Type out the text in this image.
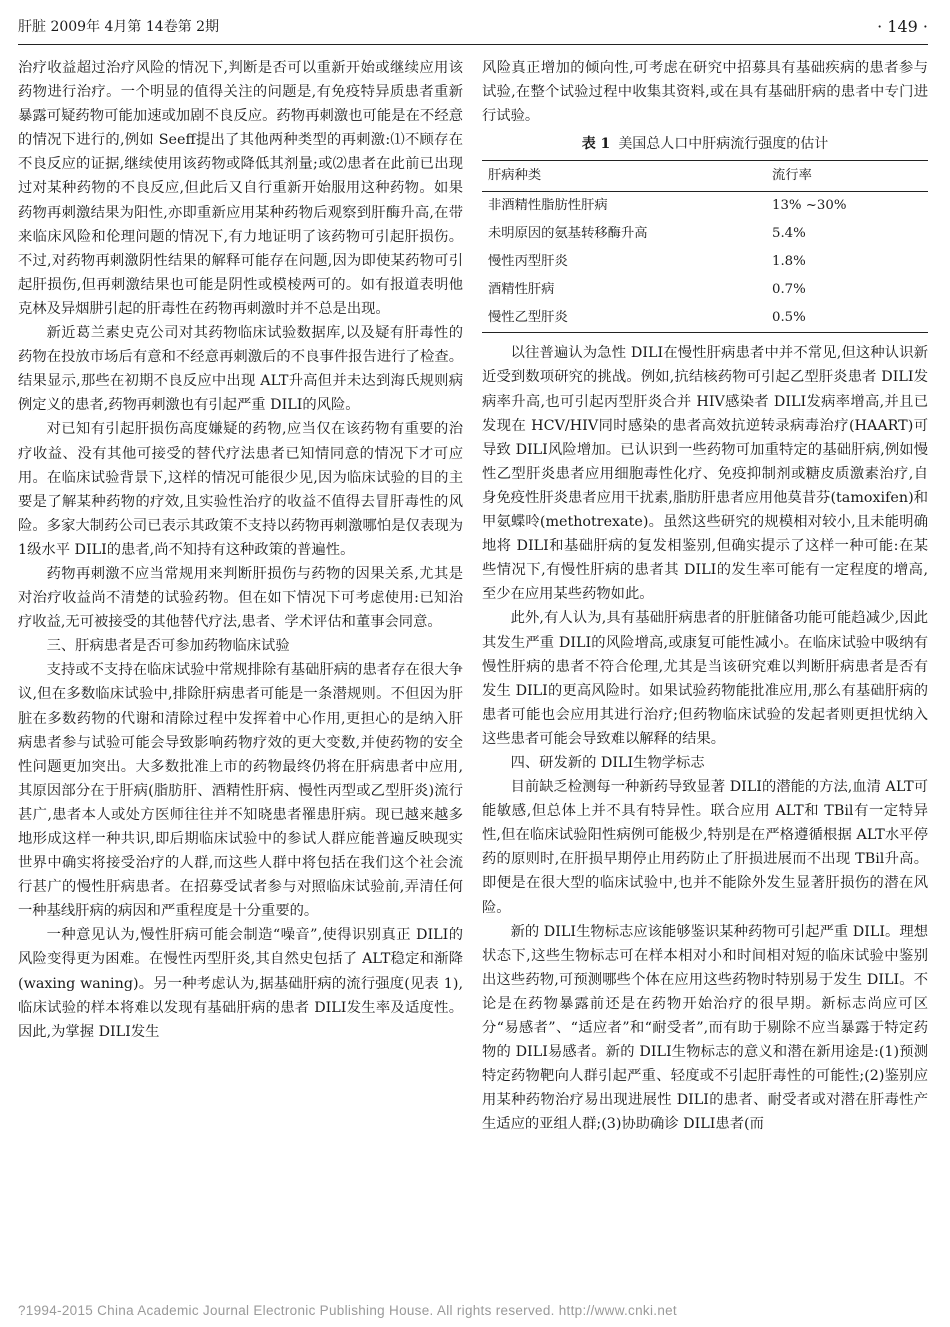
肝脏 2009年 4月第 14卷第 2期	· 149 ·

治疗收益超过治疗风险的情况下,判断是否可以重新开始或继续应用该药物进行治疗。一个明显的值得关注的问题是,有免疫特异质患者重新暴露可疑药物可能加速或加剧不良反应。药物再刺激也可能是在不经意的情况下进行的,例如 Seeff提出了其他两种类型的再刺激:⑴不顾存在不良反应的证据,继续使用该药物或降低其剂量;或⑵患者在此前已出现过对某种药物的不良反应,但此后又自行重新开始服用这种药物。如果药物再刺激结果为阳性,亦即重新应用某种药物后观察到肝酶升高,在带来临床风险和伦理问题的情况下,有力地证明了该药物可引起肝损伤。不过,对药物再刺激阴性结果的解释可能存在问题,因为即使某药物可引起肝损伤,但再刺激结果也可能是阴性或模棱两可的。如有报道表明他克林及异烟肼引起的肝毒性在药物再刺激时并不总是出现。

新近葛兰素史克公司对其药物临床试验数据库,以及疑有肝毒性的药物在投放市场后有意和不经意再刺激后的不良事件报告进行了检查。结果显示,那些在初期不良反应中出现 ALT升高但并未达到海氏规则病例定义的患者,药物再刺激也有引起严重 DILI的风险。

对已知有引起肝损伤高度嫌疑的药物,应当仅在该药物有重要的治疗收益、没有其他可接受的替代疗法患者已知情同意的情况下才可应用。在临床试验背景下,这样的情况可能很少见,因为临床试验的目的主要是了解某种药物的疗效,且实验性治疗的收益不值得去冒肝毒性的风险。多家大制药公司已表示其政策不支持以药物再刺激哪怕是仅表现为 1级水平 DILI的患者,尚不知持有这种政策的普遍性。

药物再刺激不应当常规用来判断肝损伤与药物的因果关系,尤其是对治疗收益尚不清楚的试验药物。但在如下情况下可考虑使用:已知治疗收益,无可被接受的其他替代疗法,患者、学术评估和董事会同意。

三、肝病患者是否可参加药物临床试验

支持或不支持在临床试验中常规排除有基础肝病的患者存在很大争议,但在多数临床试验中,排除肝病患者可能是一条潜规则。不但因为肝脏在多数药物的代谢和清除过程中发挥着中心作用,更担心的是纳入肝病患者参与试验可能会导致影响药物疗效的更大变数,并使药物的安全性问题更加突出。大多数批准上市的药物最终仍将在肝病患者中应用,其原因部分在于肝病(脂肪肝、酒精性肝病、慢性丙型或乙型肝炎)流行甚广,患者本人或处方医师往往并不知晓患者罹患肝病。现已越来越多地形成这样一种共识,即后期临床试验中的参试人群应能普遍反映现实世界中确实将接受治疗的人群,而这些人群中将包括在我们这个社会流行甚广的慢性肝病患者。在招募受试者参与对照临床试验前,弄清任何一种基线肝病的病因和严重程度是十分重要的。

一种意见认为,慢性肝病可能会制造“噪音”,使得识别真正 DILI的风险变得更为困难。在慢性丙型肝炎,其自然史包括了 ALT稳定和渐降(waxing waning)。另一种考虑认为,据基础肝病的流行强度(见表 1),临床试验的样本将难以发现有基础肝病的患者 DILI发生率及适度性。因此,为掌握 DILI发生

风险真正增加的倾向性,可考虑在研究中招募具有基础疾病的患者参与试验,在整个试验过程中收集其资料,或在具有基础肝病的患者中专门进行试验。

表 1 美国总人口中肝病流行强度的估计
肝病种类	流行率
非酒精性脂肪性肝病	13% ~30%
未明原因的氨基转移酶升高	5.4%
慢性丙型肝炎	1.8%
酒精性肝病	0.7%
慢性乙型肝炎	0.5%

以往普遍认为急性 DILI在慢性肝病患者中并不常见,但这种认识新近受到数项研究的挑战。例如,抗结核药物可引起乙型肝炎患者 DILI发病率升高,也可引起丙型肝炎合并 HIV感染者 DILI发病率增高,并且已发现在 HCV/HIV同时感染的患者高效抗逆转录病毒治疗(HAART)可导致 DILI风险增加。已认识到一些药物可加重特定的基础肝病,例如慢性乙型肝炎患者应用细胞毒性化疗、免疫抑制剂或糖皮质激素治疗,自身免疫性肝炎患者应用干扰素,脂肪肝患者应用他莫昔芬(tamoxifen)和甲氨蝶呤(methotrexate)。虽然这些研究的规模相对较小,且未能明确地将 DILI和基础肝病的复发相鉴别,但确实提示了这样一种可能:在某些情况下,有慢性肝病的患者其 DILI的发生率可能有一定程度的增高,至少在应用某些药物如此。

此外,有人认为,具有基础肝病患者的肝脏储备功能可能趋减少,因此其发生严重 DILI的风险增高,或康复可能性减小。在临床试验中吸纳有慢性肝病的患者不符合伦理,尤其是当该研究难以判断肝病患者是否有发生 DILI的更高风险时。如果试验药物能批准应用,那么有基础肝病的患者可能也会应用其进行治疗;但药物临床试验的发起者则更担忧纳入这些患者可能会导致难以解释的结果。

四、研发新的 DILI生物学标志

目前缺乏检测每一种新药导致显著 DILI的潜能的方法,血清 ALT可能敏感,但总体上并不具有特异性。联合应用 ALT和 TBil有一定特异性,但在临床试验阳性病例可能极少,特别是在严格遵循根据 ALT水平停药的原则时,在肝损早期停止用药防止了肝损进展而不出现 TBil升高。即便是在很大型的临床试验中,也并不能除外发生显著肝损伤的潜在风险。

新的 DILI生物标志应该能够鉴识某种药物可引起严重 DILI。理想状态下,这些生物标志可在样本相对小和时间相对短的临床试验中鉴别出这些药物,可预测哪些个体在应用这些药物时特别易于发生 DILI。不论是在药物暴露前还是在药物开始治疗的很早期。新标志尚应可区分“易感者”、“适应者”和“耐受者”,而有助于剔除不应当暴露于特定药物的 DILI易感者。新的 DILI生物标志的意义和潜在新用途是:(1)预测特定药物靶向人群引起严重、轻度或不引起肝毒性的可能性;(2)鉴别应用某种药物治疗易出现进展性 DILI的患者、耐受者或对潜在肝毒性产生适应的亚组人群;(3)协助确诊 DILI患者(而

?1994-2015 China Academic Journal Electronic Publishing House. All rights reserved. http://www.cnki.net
